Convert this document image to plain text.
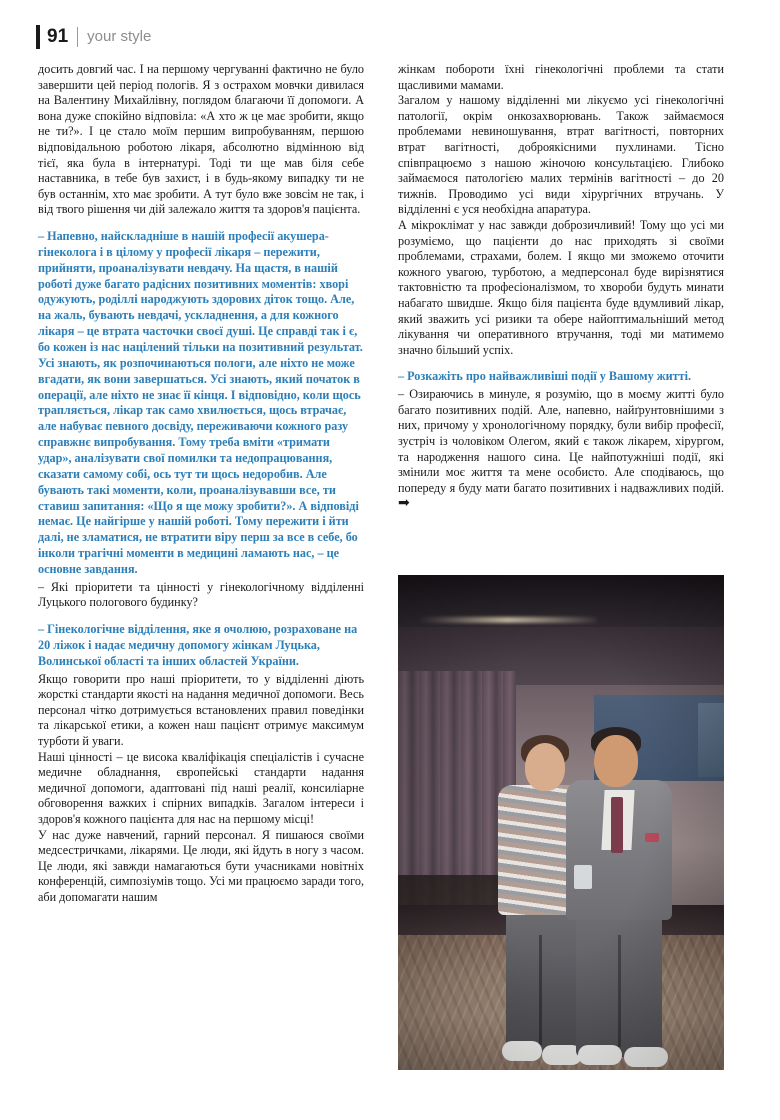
91 your style

досить довгий час. І на першому чергуванні фактично не було завершити цей період пологів. Я з острахом мовчки дивилася на Валентину Михайлівну, поглядом благаючи її допомоги. А вона дуже спокійно відповіла: «А хто ж це має зробити, якщо не ти?». І це стало моїм першим випробуванням, першою відповідальною роботою лікаря, абсолютно відмінною від тієї, яка була в інтернатурі. Тоді ти ще мав біля себе наставника, в тебе був захист, і в будь-якому випадку ти не був останнім, хто має зробити. А тут було вже зовсім не так, і від твого рішення чи дій залежало життя та здоров'я пацієнта.

– Напевно, найскладніше в нашій професії акушера-гінеколога і в цілому у професії лікаря – пережити, прийняти, проаналізувати невдачу. На щастя, в нашій роботі дуже багато радісних позитивних моментів: хворі одужують, роділлі народжують здорових діток тощо. Але, на жаль, бувають невдачі, ускладнення, а для кожного лікаря – це втрата часточки своєї душі. Це справді так і є, бо кожен із нас націлений тільки на позитивний результат. Усі знають, як розпочинаються пологи, але ніхто не може вгадати, як вони завершаться. Усі знають, який початок в операції, але ніхто не знає її кінця. І відповідно, коли щось трапляється, лікар так само хвилюється, щось втрачає, але набуває певного досвіду, переживаючи кожного разу справжнє випробування. Тому треба вміти «тримати удар», аналізувати свої помилки та недопрацювання, сказати самому собі, ось тут ти щось недоробив. Але бувають такі моменти, коли, проаналізувавши все, ти ставиш запитання: «Що я ще можу зробити?». А відповіді немає. Це найгірше у нашій роботі. Тому пережити і йти далі, не зламатися, не втратити віру перш за все в себе, бо інколи трагічні моменти в медицині ламають нас, – це основне завдання.

– Які пріоритети та цінності у гінекологічному відділенні Луцького пологового будинку?

– Гінекологічне відділення, яке я очолюю, розраховане на 20 ліжок і надає медичну допомогу жінкам Луцька, Волинської області та інших областей України.

Якщо говорити про наші пріоритети, то у відділенні діють жорсткі стандарти якості на надання медичної допомоги. Весь персонал чітко дотримується встановлених правил поведінки та лікарської етики, а кожен наш пацієнт отримує максимум турботи й уваги.

Наші цінності – це висока кваліфікація спеціалістів і сучасне медичне обладнання, європейські стандарти надання медичної допомоги, адаптовані під наші реалії, консиліарне обговорення важких і спірних випадків. Загалом інтереси і здоров'я кожного пацієнта для нас на першому місці!

У нас дуже навчений, гарний персонал. Я пишаюся своїми медсестричками, лікарями. Це люди, які йдуть в ногу з часом. Це люди, які завжди намагаються бути учасниками новітніх конференцій, симпозіумів тощо. Усі ми працюємо заради того, аби допомагати нашим

жінкам побороти їхні гінекологічні проблеми та стати щасливими мамами.

Загалом у нашому відділенні ми лікуємо усі гінекологічні патології, окрім онкозахворювань. Також займаємося проблемами невиношування, втрат вагітності, повторних втрат вагітності, доброякісними пухлинами. Тісно співпрацюємо з нашою жіночою консультацією. Глибоко займаємося патологією малих термінів вагітності – до 20 тижнів. Проводимо усі види хірургічних втручань. У відділенні є уся необхідна апаратура.

А мікроклімат у нас завжди доброзичливий! Тому що усі ми розуміємо, що пацієнти до нас приходять зі своїми проблемами, страхами, болем. І якщо ми зможемо оточити кожного увагою, турботою, а медперсонал буде вирізнятися тактовністю та професіоналізмом, то хвороби будуть минати набагато швидше. Якщо біля пацієнта буде вдумливий лікар, який зважить усі ризики та обере найоптимальніший метод лікування чи оперативного втручання, тоді ми матимемо значно більший успіх.

– Розкажіть про найважливіші події у Вашому житті.

– Озираючись в минуле, я розумію, що в моєму житті було багато позитивних подій. Але, напевно, найґрунтовнішими з них, причому у хронологічному порядку, були вибір професії, зустріч із чоловіком Олегом, який є також лікарем, хірургом, та народження нашого сина. Це найпотужніші події, які змінили моє життя та мене особисто. Але сподіваюсь, що попереду я буду мати багато позитивних і надважливих подій. ➡
